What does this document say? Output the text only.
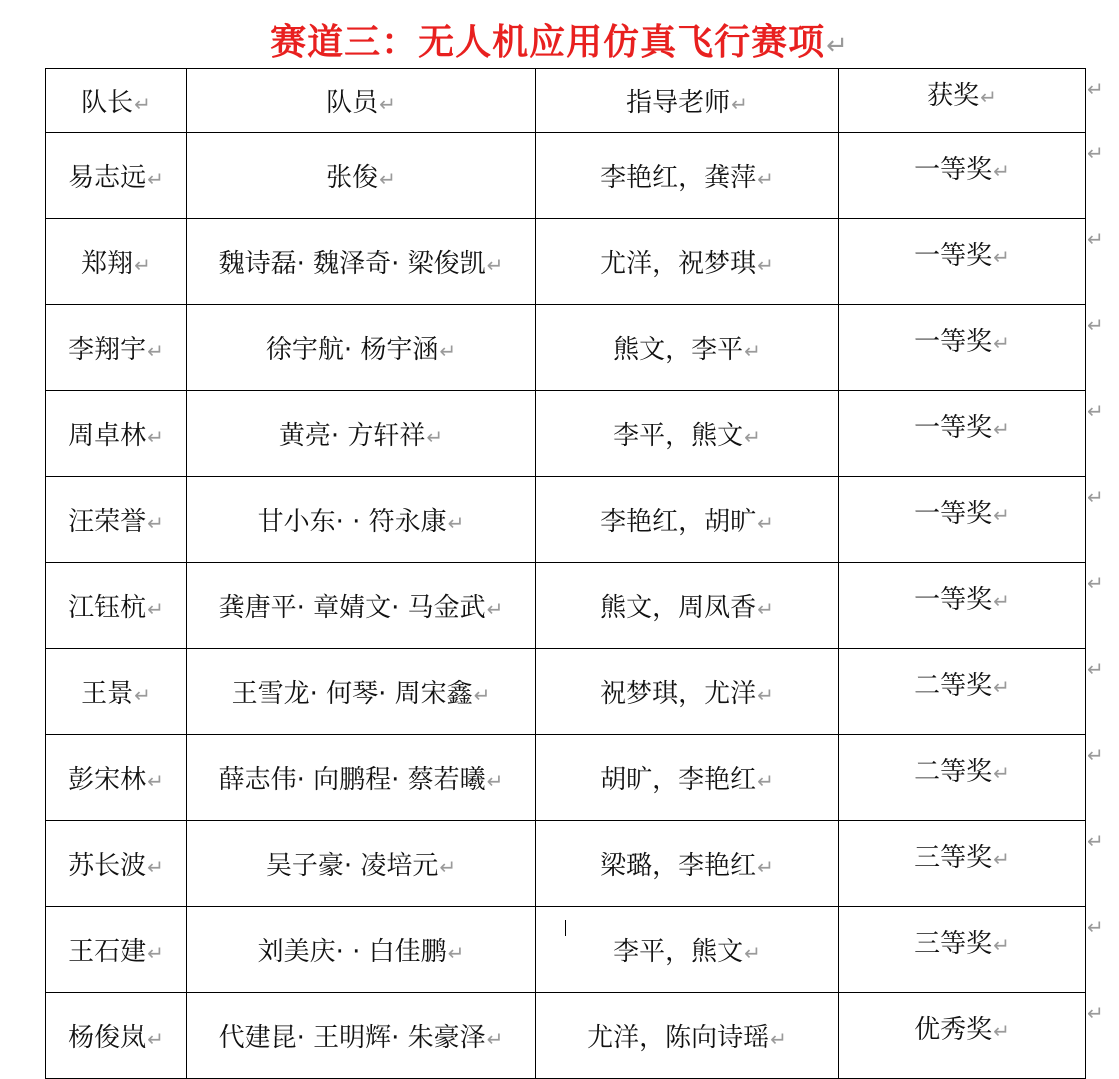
赛道三：无人机应用仿真飞行赛项↵
队长↵	队员↵	指导老师↵	获奖↵
易志远↵	张俊↵	李艳红，龚萍↵	一等奖↵
郑翔↵	魏诗磊· 魏泽奇· 梁俊凯↵	尤洋，祝梦琪↵	一等奖↵
李翔宇↵	徐宇航· 杨宇涵↵	熊文，李平↵	一等奖↵
周卓林↵	黄亮· 方轩祥↵	李平，熊文↵	一等奖↵
汪荣誉↵	甘小东· · 符永康↵	李艳红，胡旷↵	一等奖↵
江钰杭↵	龚唐平· 章婧文· 马金武↵	熊文，周凤香↵	一等奖↵
王景↵	王雪龙· 何琴· 周宋鑫↵	祝梦琪，尤洋↵	二等奖↵
彭宋林↵	薛志伟· 向鹏程· 蔡若曦↵	胡旷，李艳红↵	二等奖↵
苏长波↵	吴子豪· 凌培元↵	梁璐，李艳红↵	三等奖↵
王石建↵	刘美庆· · 白佳鹏↵	李平，熊文↵	三等奖↵
杨俊岚↵	代建昆· 王明辉· 朱豪泽↵	尤洋，陈向诗瑶↵	优秀奖↵
↵
↵
↵
↵
↵
↵
↵
↵
↵
↵
↵
↵
